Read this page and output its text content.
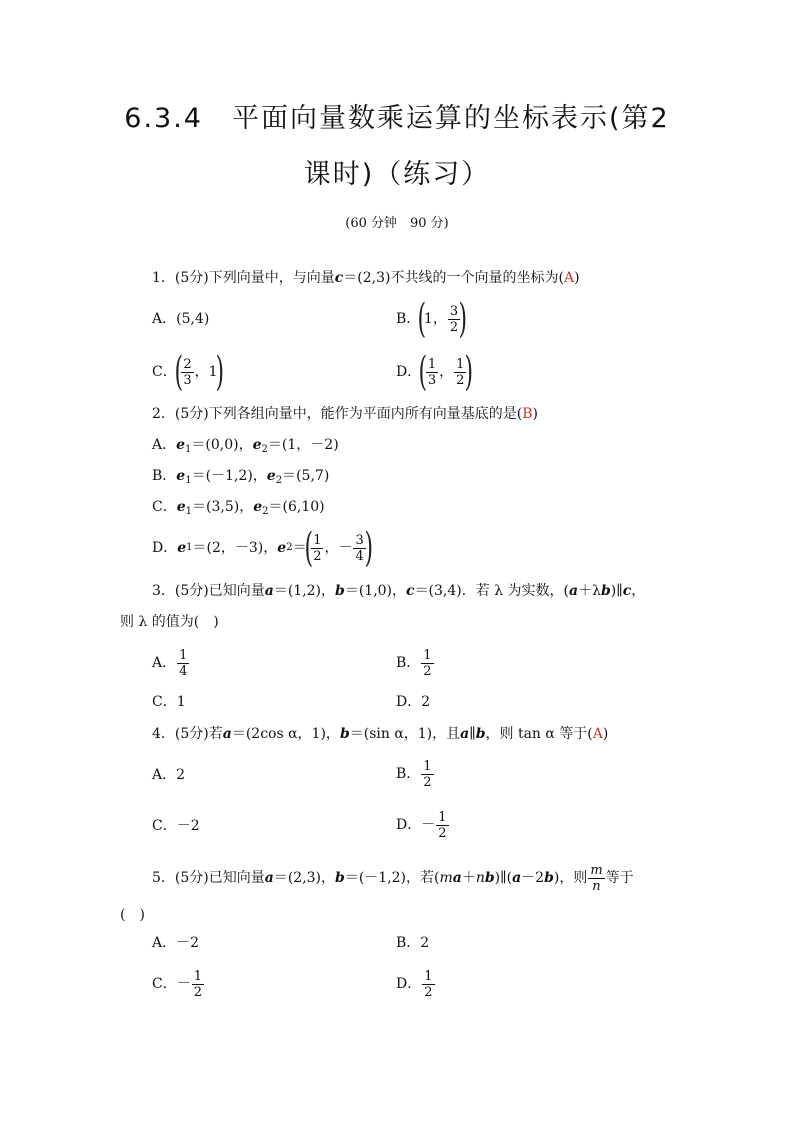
6.3.4　平面向量数乘运算的坐标表示(第2
课时)（练习）
(60 分钟　90 分)
1．(5分)下列向量中，与向量c＝(2,3)不共线的一个向量的坐标为(A)
A．(5,4)	B．
(
1， $\frac{3}{2}$
)
C．
(
$\frac{2}{3}$ ，1
)	D．
(
$\frac{1}{3}$ ， $\frac{1}{2}$
)
2．(5分)下列各组向量中，能作为平面内所有向量基底的是(B)
A．$e_1=(0,0)$，$e_2=(1$，－2)
B．$e_1=(-1,2)$，$e_2=(5,7)$
C．$e_1=(3,5)$，$e_2=(6,10)$
D． e 1 ＝(2，－3)， e 2 ＝
(
$\frac{1}{2}$ ，－ $\frac{3}{4}$
)
3．(5分)已知向量a＝(1,2)，b＝(1,0)，c＝(3,4)．若 λ 为实数，(a＋λb)∥c，
则 λ 的值为(　)
A． $\frac{1}{4}$	B． $\frac{1}{2}$
C．1	D．2
4．(5分)若a＝(2cos α，1)，b＝(sin α，1)，且a∥b，则 tan α 等于(A)
A．2	B． $\frac{1}{2}$
C．－2	D．－ $\frac{1}{2}$
5．(5分)已知向量 a ＝(2,3)， b ＝(－1,2)，若( m a ＋ n b )∥( a －2 b )，则 $\frac{m}{n}$ 等于
(　)
A．－2	B．2
C．－ $\frac{1}{2}$	D． $\frac{1}{2}$
